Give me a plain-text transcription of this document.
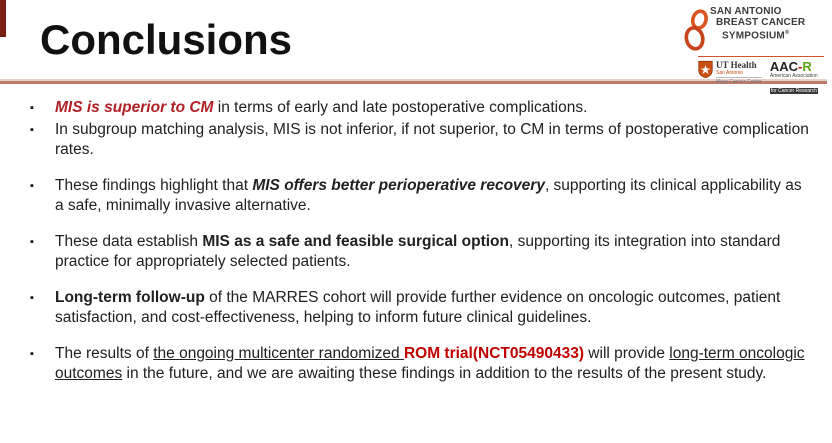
Conclusions
SAN ANTONIO
BREAST CANCER
SYMPOSIUM®
UT Health
San Antonio
Mays Cancer Center
AAC-R
American Association
for Cancer Research
▪	MIS is superior to CM in terms of early and late postoperative complications.
▪	In subgroup matching analysis, MIS is not inferior, if not superior, to CM in terms of postoperative complication rates.
▪	These findings highlight that MIS offers better perioperative recovery, supporting its clinical applicability as a safe, minimally invasive alternative.
▪	These data establish MIS as a safe and feasible surgical option, supporting its integration into standard practice for appropriately selected patients.
▪	Long-term follow-up of the MARRES cohort will provide further evidence on oncologic outcomes, patient satisfaction, and cost-effectiveness, helping to inform future clinical guidelines.
▪	The results of the ongoing multicenter randomized ROM trial(NCT05490433) will provide long-term oncologic outcomes in the future, and we are awaiting these findings in addition to the results of the present study.
